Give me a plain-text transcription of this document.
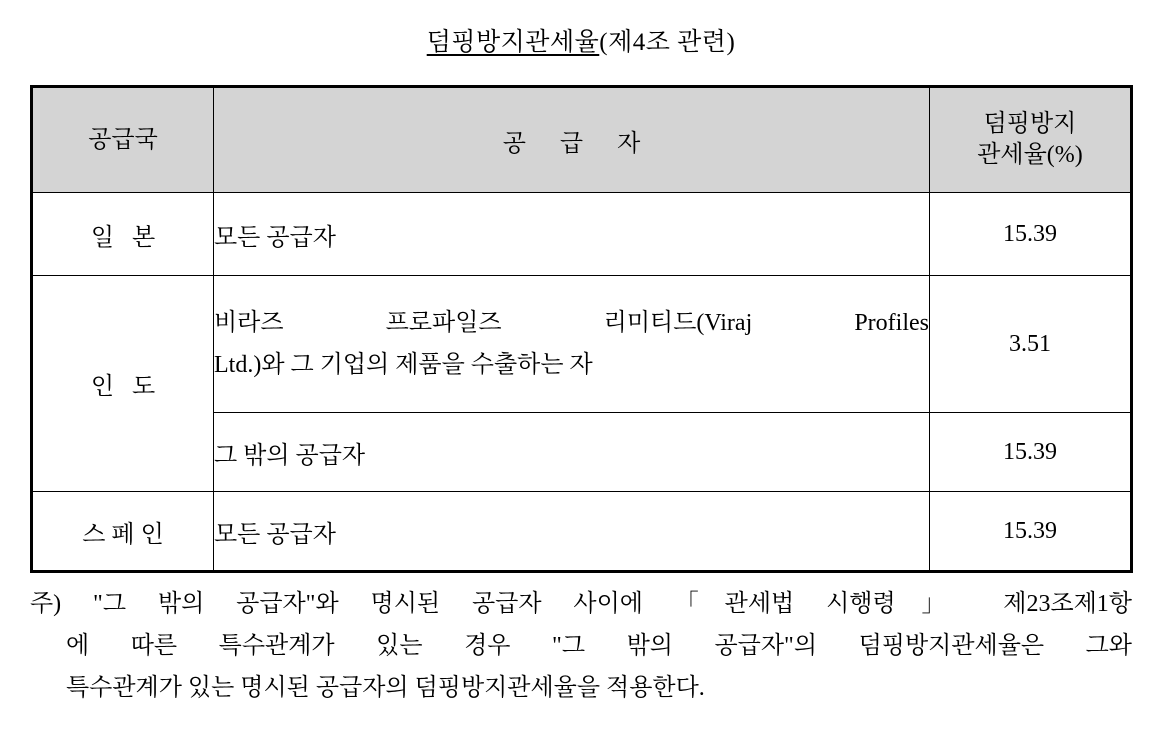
덤핑방지관세율(제4조 관련)
공급국	공 급 자	덤핑방지
관세율(%)

일 본	모든 공급자	15.39
인 도	비라즈 프로파일즈 리미티드(Viraj Profiles
Ltd.)와 그 기업의 제품을 수출하는 자	3.51
	그 밖의 공급자	15.39
스페인	모든 공급자	15.39

주) "그 밖의 공급자"와 명시된 공급자 사이에 「관세법 시행령」 제23조제1항

에 따른 특수관계가 있는 경우 "그 밖의 공급자"의 덤핑방지관세율은 그와

특수관계가 있는 명시된 공급자의 덤핑방지관세율을 적용한다.
